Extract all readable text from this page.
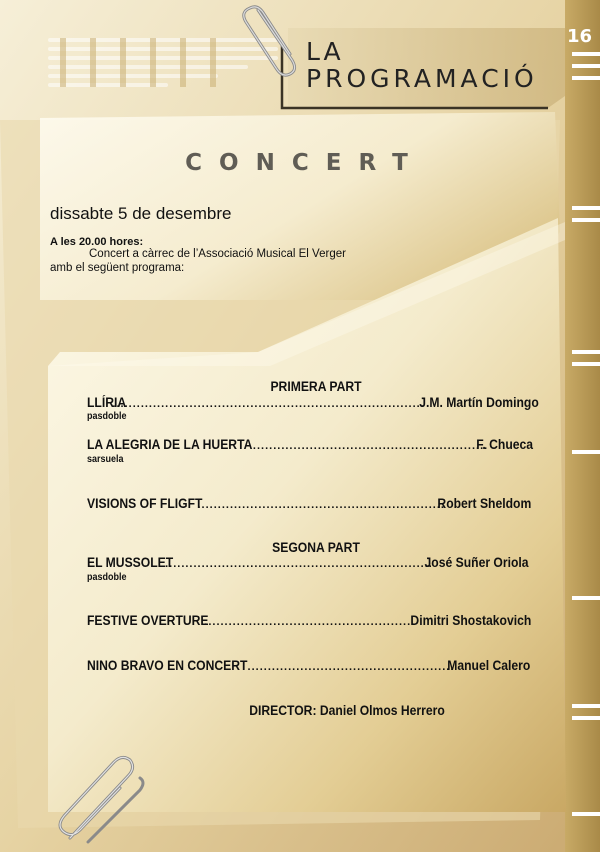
16
LA
PROGRAMACIÓ
CONCERT
dissabte 5 de desembre
A les 20.00 hores:
Concert a càrrec de l’Associació Musical El Verger
amb el següent programa:
PRIMERA PART
LLÍRIA .....	J.M. Martín Domingo
pasdoble
LA ALEGRIA DE LA HUERTA .....	F. Chueca
sarsuela
VISIONS OF FLIGFT .....	Robert Sheldom
SEGONA PART
EL MUSSOLET .....	José Suñer Oriola
pasdoble
FESTIVE OVERTURE .....	Dimitri Shostakovich
NINO BRAVO EN CONCERT .....	Manuel Calero
DIRECTOR: Daniel Olmos Herrero
